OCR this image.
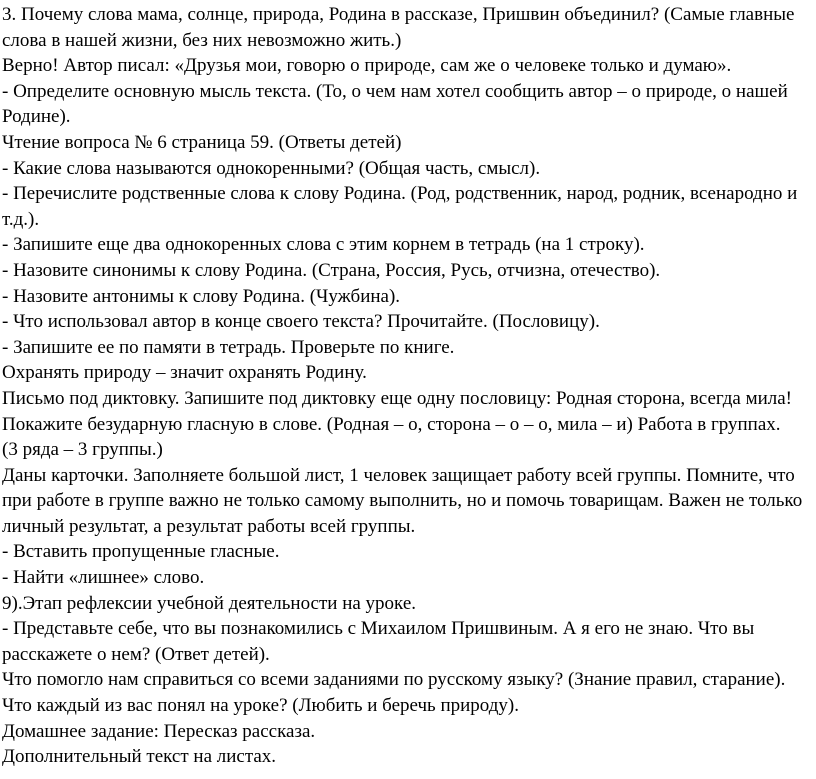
3. Почему слова мама, солнце, природа, Родина в рассказе, Пришвин объединил? (Самые главные
слова в нашей жизни, без них невозможно жить.)
Верно! Автор писал: «Друзья мои, говорю о природе, сам же о человеке только и думаю».
- Определите основную мысль текста. (То, о чем нам хотел сообщить автор – о природе, о нашей
Родине).
Чтение вопроса № 6 страница 59. (Ответы детей)
- Какие слова называются однокоренными? (Общая часть, смысл).
- Перечислите родственные слова к слову Родина. (Род, родственник, народ, родник, всенародно и
т.д.).
- Запишите еще два однокоренных слова с этим корнем в тетрадь (на 1 строку).
- Назовите синонимы к слову Родина. (Страна, Россия, Русь, отчизна, отечество).
- Назовите антонимы к слову Родина. (Чужбина).
- Что использовал автор в конце своего текста? Прочитайте. (Пословицу).
- Запишите ее по памяти в тетрадь. Проверьте по книге.
Охранять природу – значит охранять Родину.
Письмо под диктовку. Запишите под диктовку еще одну пословицу: Родная сторона, всегда мила!
Покажите безударную гласную в слове. (Родная – о, сторона – о – о, мила – и) Работа в группах.
(3 ряда – 3 группы.)
Даны карточки. Заполняете большой лист, 1 человек защищает работу всей группы. Помните, что
при работе в группе важно не только самому выполнить, но и помочь товарищам. Важен не только
личный результат, а результат работы всей группы.
- Вставить пропущенные гласные.
- Найти «лишнее» слово.
9).Этап рефлексии учебной деятельности на уроке.
- Представьте себе, что вы познакомились с Михаилом Пришвиным. А я его не знаю. Что вы
расскажете о нем? (Ответ детей).
Что помогло нам справиться со всеми заданиями по русскому языку? (Знание правил, старание).
Что каждый из вас понял на уроке? (Любить и беречь природу).
Домашнее задание: Пересказ рассказа.
Дополнительный текст на листах.
